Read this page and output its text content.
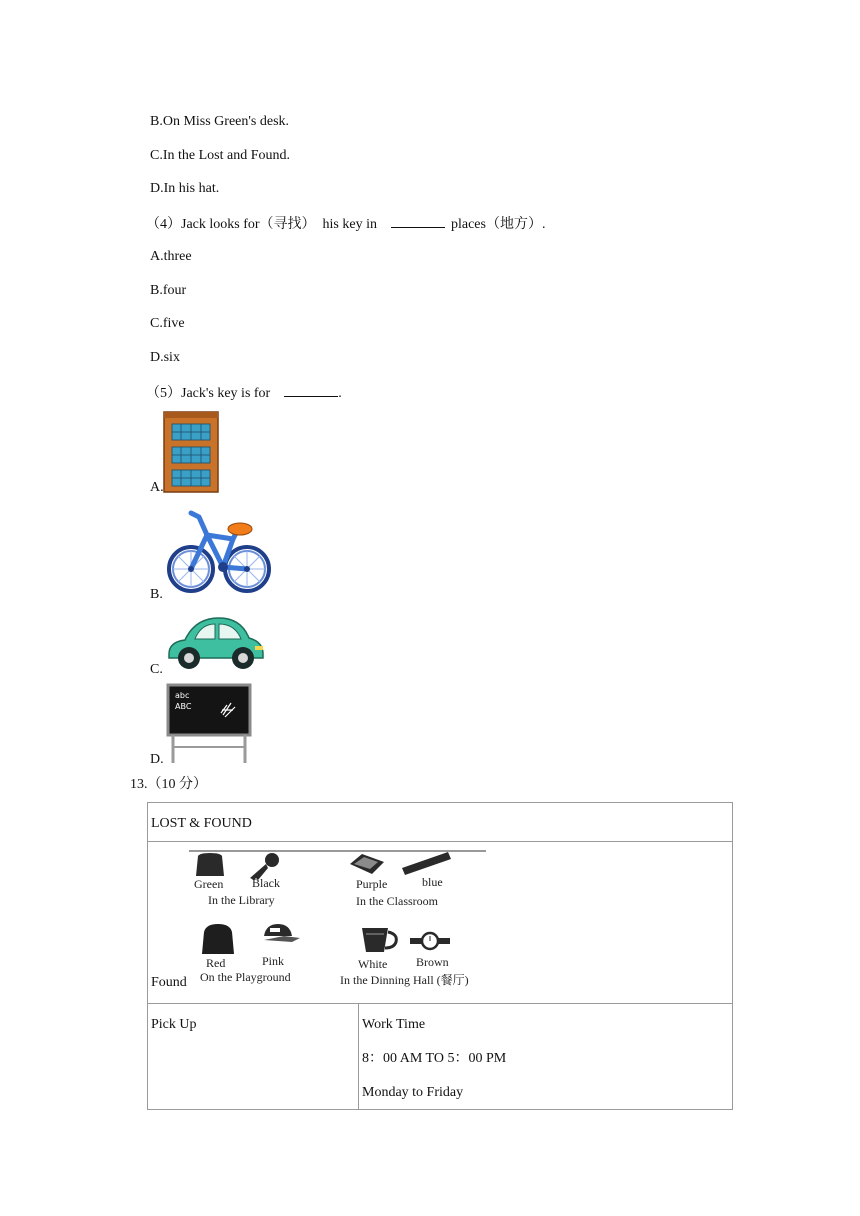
B.On Miss Green's desk.
C.In the Lost and Found.
D.In his hat.
（4）Jack looks for（寻找）  his key in	places（地方）.
A.three
B.four
C.five
D.six
（5）Jack's key is for	.
A.
B.
C.
D.
abc
ABC
13.（10 分）
LOST & FOUND

Green Black
In the Library
Purple	blue
In the Classroom
Red	Pink
On the Playground
White Brown
In the Dinning Hall (餐厅)
Found

Pick Up	Work Time
8：00 AM TO 5：00 PM
Monday to Friday
